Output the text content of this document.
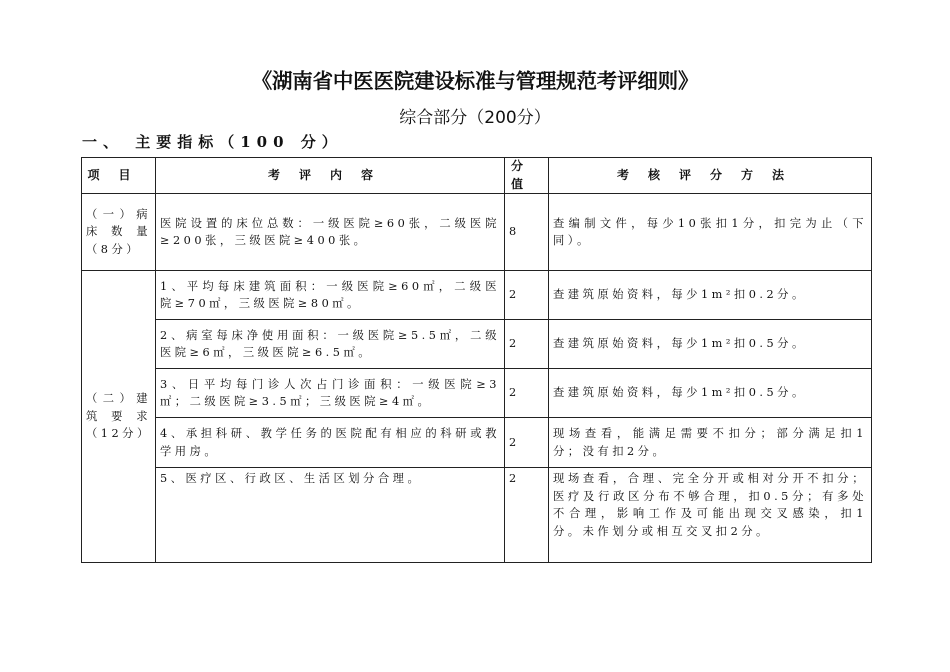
《湖南省中医医院建设标准与管理规范考评细则》
综合部分（200分）
一、 主要指标（100 分）
项目	考评内容	分值	考核评分方法
（一）病床数量（8分）	医院设置的床位总数：一级医院≥60张，二级医院≥200张，三级医院≥400张。	8	查编制文件，每少10张扣1分，扣完为止（下同）。
（二）建筑要求（12分）	1、平均每床建筑面积：一级医院≥60㎡，二级医院≥70㎡，三级医院≥80㎡。	2	查建筑原始资料，每少1m²扣0.2分。
	2、病室每床净使用面积：一级医院≥5.5㎡，二级医院≥6㎡，三级医院≥6.5㎡。	2	查建筑原始资料，每少1m²扣0.5分。
	3、日平均每门诊人次占门诊面积：一级医院≥3㎡；二级医院≥3.5㎡；三级医院≥4㎡。	2	查建筑原始资料，每少1m²扣0.5分。
	4、承担科研、教学任务的医院配有相应的科研或教学用房。	2	现场查看，能满足需要不扣分；部分满足扣1分；没有扣2分。
	5、医疗区、行政区、生活区划分合理。	2	现场查看，合理、完全分开或相对分开不扣分；医疗及行政区分布不够合理，扣0.5分；有多处不合理，影响工作及可能出现交叉感染，扣1分。未作划分或相互交叉扣2分。
